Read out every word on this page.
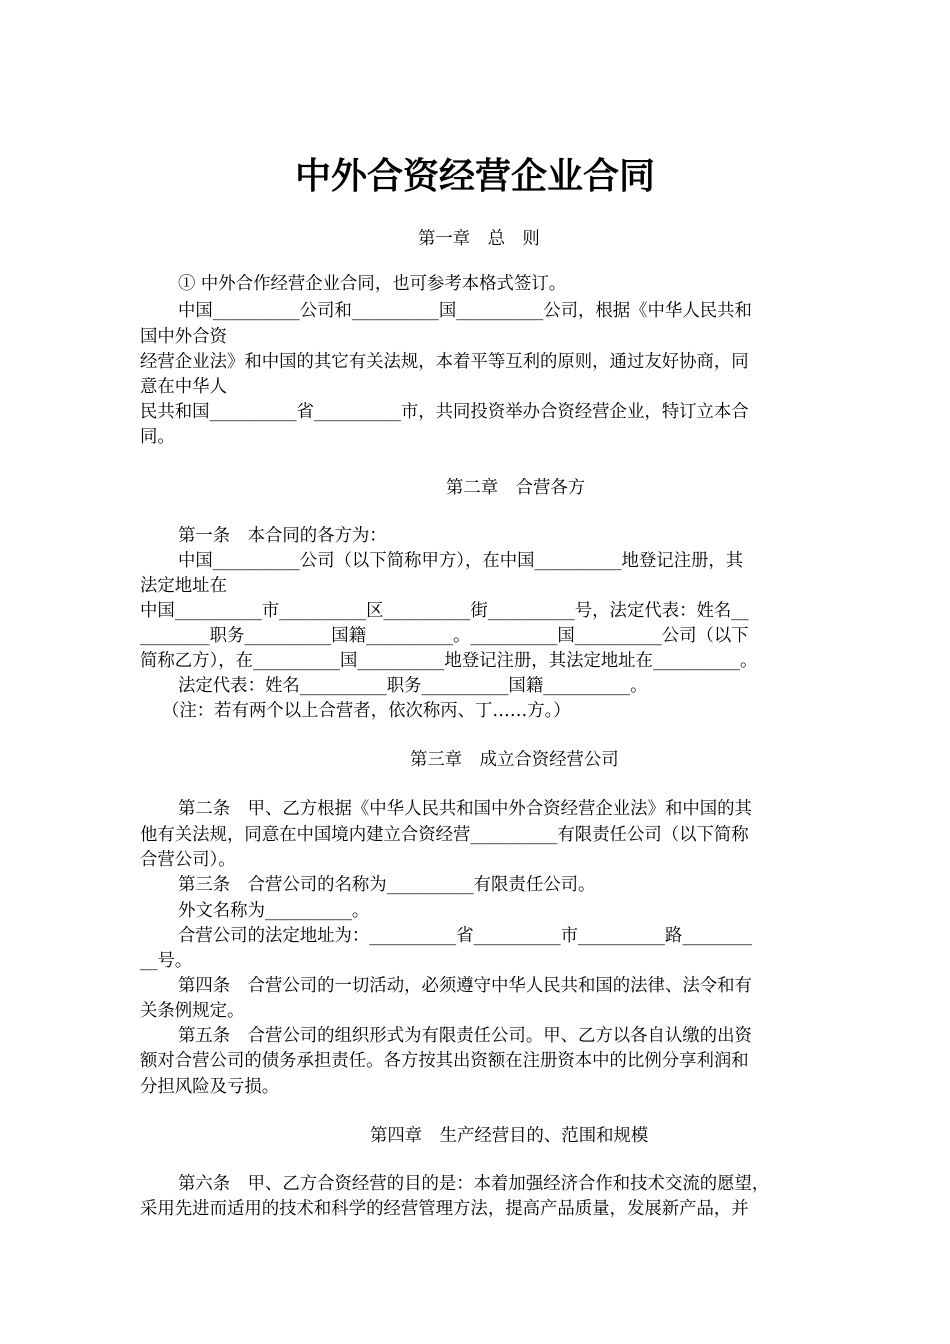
中外合资经营企业合同
第一章　总　则
① 中外合作经营企业合同，也可参考本格式签订。
中国__________公司和__________国__________公司，根据《中华人民共和
国中外合资
经营企业法》和中国的其它有关法规，本着平等互利的原则，通过友好协商，同
意在中华人
民共和国__________省__________市，共同投资举办合资经营企业，特订立本合
同。
第二章　合营各方
第一条　本合同的各方为：
中国__________公司（以下简称甲方），在中国__________地登记注册，其
法定地址在
中国__________市__________区__________街__________号，法定代表：姓名__
________职务__________国籍__________。__________国__________公司（以下
简称乙方），在__________国__________地登记注册，其法定地址在__________。
法定代表：姓名__________职务__________国籍__________。
（注：若有两个以上合营者，依次称丙、丁……方。）
第三章　成立合资经营公司
第二条　甲、乙方根据《中华人民共和国中外合资经营企业法》和中国的其
他有关法规，同意在中国境内建立合资经营__________有限责任公司（以下简称
合营公司）。
第三条　合营公司的名称为__________有限责任公司。
外文名称为__________。
合营公司的法定地址为：__________省__________市__________路________
__号。
第四条　合营公司的一切活动，必须遵守中华人民共和国的法律、法令和有
关条例规定。
第五条　合营公司的组织形式为有限责任公司。甲、乙方以各自认缴的出资
额对合营公司的债务承担责任。各方按其出资额在注册资本中的比例分享利润和
分担风险及亏损。
第四章　生产经营目的、范围和规模
第六条　甲、乙方合资经营的目的是：本着加强经济合作和技术交流的愿望，
采用先进而适用的技术和科学的经营管理方法，提高产品质量，发展新产品，并
